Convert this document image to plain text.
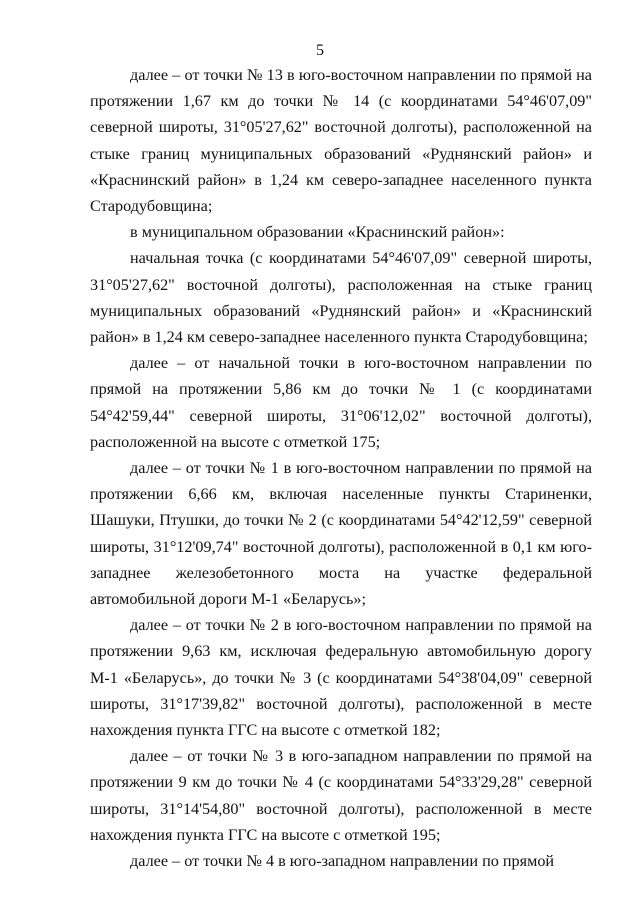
5

далее – от точки № 13 в юго-восточном направлении по прямой на протяжении 1,67 км до точки № 14 (с координатами 54°46'07,09" северной широты, 31°05'27,62" восточной долготы), расположенной на стыке границ муниципальных образований «Руднянский район» и «Краснинский район» в 1,24 км северо-западнее населенного пункта Стародубовщина;

в муниципальном образовании «Краснинский район»:

начальная точка (с координатами 54°46'07,09" северной широты, 31°05'27,62" восточной долготы), расположенная на стыке границ муниципальных образований «Руднянский район» и «Краснинский район» в 1,24 км северо-западнее населенного пункта Стародубовщина;

далее – от начальной точки в юго-восточном направлении по прямой на протяжении 5,86 км до точки № 1 (с координатами 54°42'59,44" северной широты, 31°06'12,02" восточной долготы), расположенной на высоте с отметкой 175;

далее – от точки № 1 в юго-восточном направлении по прямой на протяжении 6,66 км, включая населенные пункты Стариненки, Шашуки, Птушки, до точки № 2 (с координатами 54°42'12,59" северной широты, 31°12'09,74" восточной долготы), расположенной в 0,1 км юго-западнее железобетонного моста на участке федеральной автомобильной дороги М-1 «Беларусь»;

далее – от точки № 2 в юго-восточном направлении по прямой на протяжении 9,63 км, исключая федеральную автомобильную дорогу М-1 «Беларусь», до точки № 3 (с координатами 54°38'04,09" северной широты, 31°17'39,82" восточной долготы), расположенной в месте нахождения пункта ГГС на высоте с отметкой 182;

далее – от точки № 3 в юго-западном направлении по прямой на протяжении 9 км до точки № 4 (с координатами 54°33'29,28" северной широты, 31°14'54,80" восточной долготы), расположенной в месте нахождения пункта ГГС на высоте с отметкой 195;

далее – от точки № 4 в юго-западном направлении по прямой
